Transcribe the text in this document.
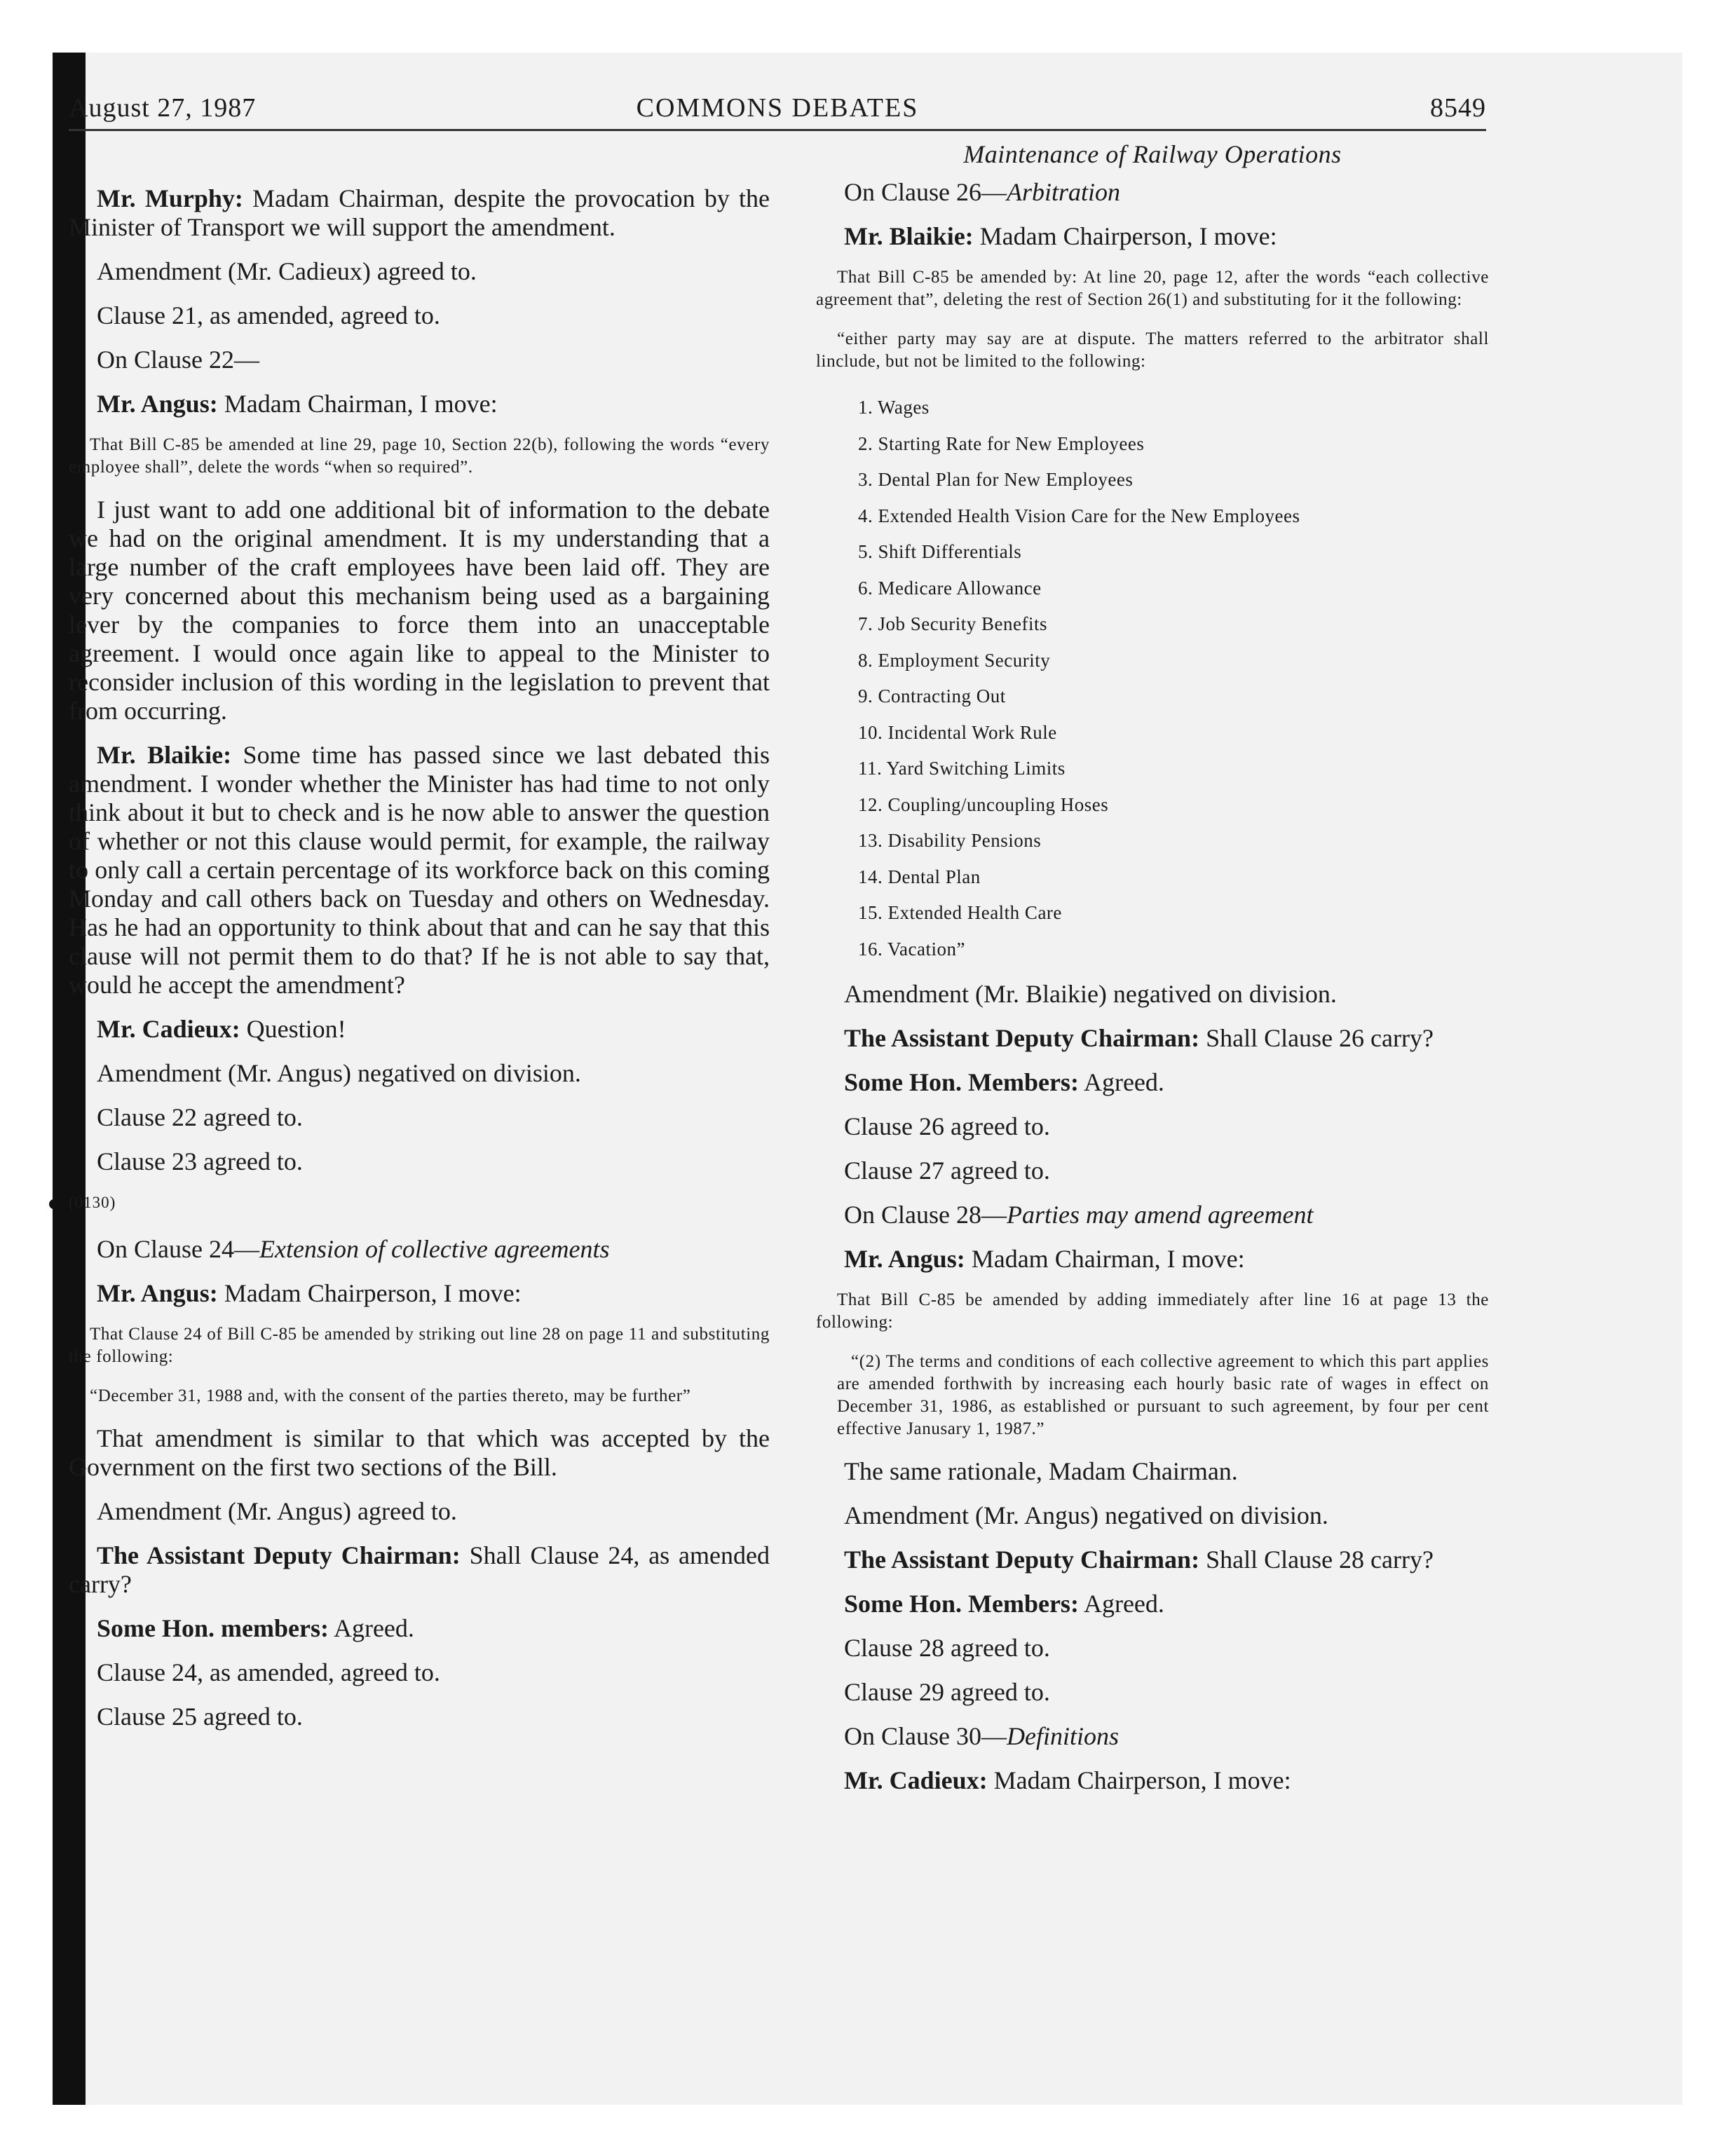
August 27, 1987	COMMONS DEBATES	8549

Mr. Murphy: Madam Chairman, despite the provocation by the Minister of Transport we will support the amendment.

Amendment (Mr. Cadieux) agreed to.

Clause 21, as amended, agreed to.

On Clause 22—

Mr. Angus: Madam Chairman, I move:

That Bill C-85 be amended at line 29, page 10, Section 22(b), following the words “every employee shall”, delete the words “when so required”.

I just want to add one additional bit of information to the debate we had on the original amendment. It is my understanding that a large number of the craft employees have been laid off. They are very concerned about this mechanism being used as a bargaining lever by the companies to force them into an unacceptable agreement. I would once again like to appeal to the Minister to reconsider inclusion of this wording in the legislation to prevent that from occurring.

Mr. Blaikie: Some time has passed since we last debated this amendment. I wonder whether the Minister has had time to not only think about it but to check and is he now able to answer the question of whether or not this clause would permit, for example, the railway to only call a certain percentage of its workforce back on this coming Monday and call others back on Tuesday and others on Wednesday. Has he had an opportunity to think about that and can he say that this clause will not permit them to do that? If he is not able to say that, would he accept the amendment?

Mr. Cadieux: Question!

Amendment (Mr. Angus) negatived on division.

Clause 22 agreed to.

Clause 23 agreed to.

(0130)

On Clause 24—Extension of collective agreements

Mr. Angus: Madam Chairperson, I move:

That Clause 24 of Bill C-85 be amended by striking out line 28 on page 11 and substituting the following:

“December 31, 1988 and, with the consent of the parties thereto, may be further”

That amendment is similar to that which was accepted by the Government on the first two sections of the Bill.

Amendment (Mr. Angus) agreed to.

The Assistant Deputy Chairman: Shall Clause 24, as amended carry?

Some Hon. members: Agreed.

Clause 24, as amended, agreed to.

Clause 25 agreed to.

Maintenance of Railway Operations

On Clause 26—Arbitration

Mr. Blaikie: Madam Chairperson, I move:

That Bill C-85 be amended by: At line 20, page 12, after the words “each collective agreement that”, deleting the rest of Section 26(1) and substituting for it the following:

“either party may say are at dispute. The matters referred to the arbitrator shall linclude, but not be limited to the following:

1. Wages
2. Starting Rate for New Employees
3. Dental Plan for New Employees
4. Extended Health Vision Care for the New Employees
5. Shift Differentials
6. Medicare Allowance
7. Job Security Benefits
8. Employment Security
9. Contracting Out
10. Incidental Work Rule
11. Yard Switching Limits
12. Coupling/uncoupling Hoses
13. Disability Pensions
14. Dental Plan
15. Extended Health Care
16. Vacation”

Amendment (Mr. Blaikie) negatived on division.

The Assistant Deputy Chairman: Shall Clause 26 carry?

Some Hon. Members: Agreed.

Clause 26 agreed to.

Clause 27 agreed to.

On Clause 28—Parties may amend agreement

Mr. Angus: Madam Chairman, I move:

That Bill C-85 be amended by adding immediately after line 16 at page 13 the following:

“(2) The terms and conditions of each collective agreement to which this part applies are amended forthwith by increasing each hourly basic rate of wages in effect on December 31, 1986, as established or pursuant to such agreement, by four per cent effective Janusary 1, 1987.”

The same rationale, Madam Chairman.

Amendment (Mr. Angus) negatived on division.

The Assistant Deputy Chairman: Shall Clause 28 carry?

Some Hon. Members: Agreed.

Clause 28 agreed to.

Clause 29 agreed to.

On Clause 30—Definitions

Mr. Cadieux: Madam Chairperson, I move:
